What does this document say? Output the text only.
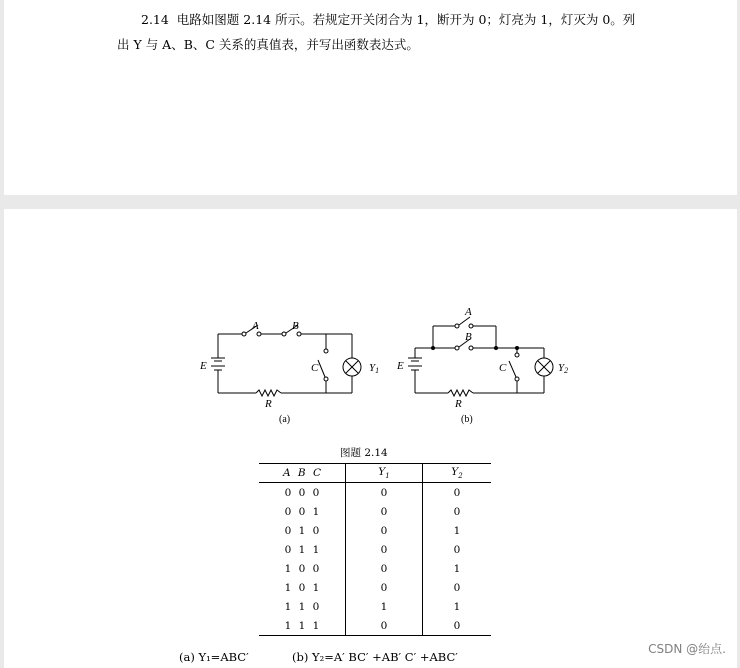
2.14 电路如图题 2.14 所示。若规定开关闭合为 1，断开为 0；灯亮为 1，灯灭为 0。列
出 Y 与 A、B、C 关系的真值表，并写出函数表达式。
A	B
C
E
R
Y1
A
B
C
E
R
Y2
(a)	(b)
图题 2.14
A B C	$Y_1$	$Y_2$
0 0 0	0	0
0 0 1	0	0
0 1 0	0	1
0 1 1	0	0
1 0 0	0	1
1 0 1	0	0
1 1 0	1	1
1 1 1	0	0
(a) Y₁=ABC′	(b) Y₂=A′ BC′ +AB′ C′ +ABC′
CSDN @绐点.
